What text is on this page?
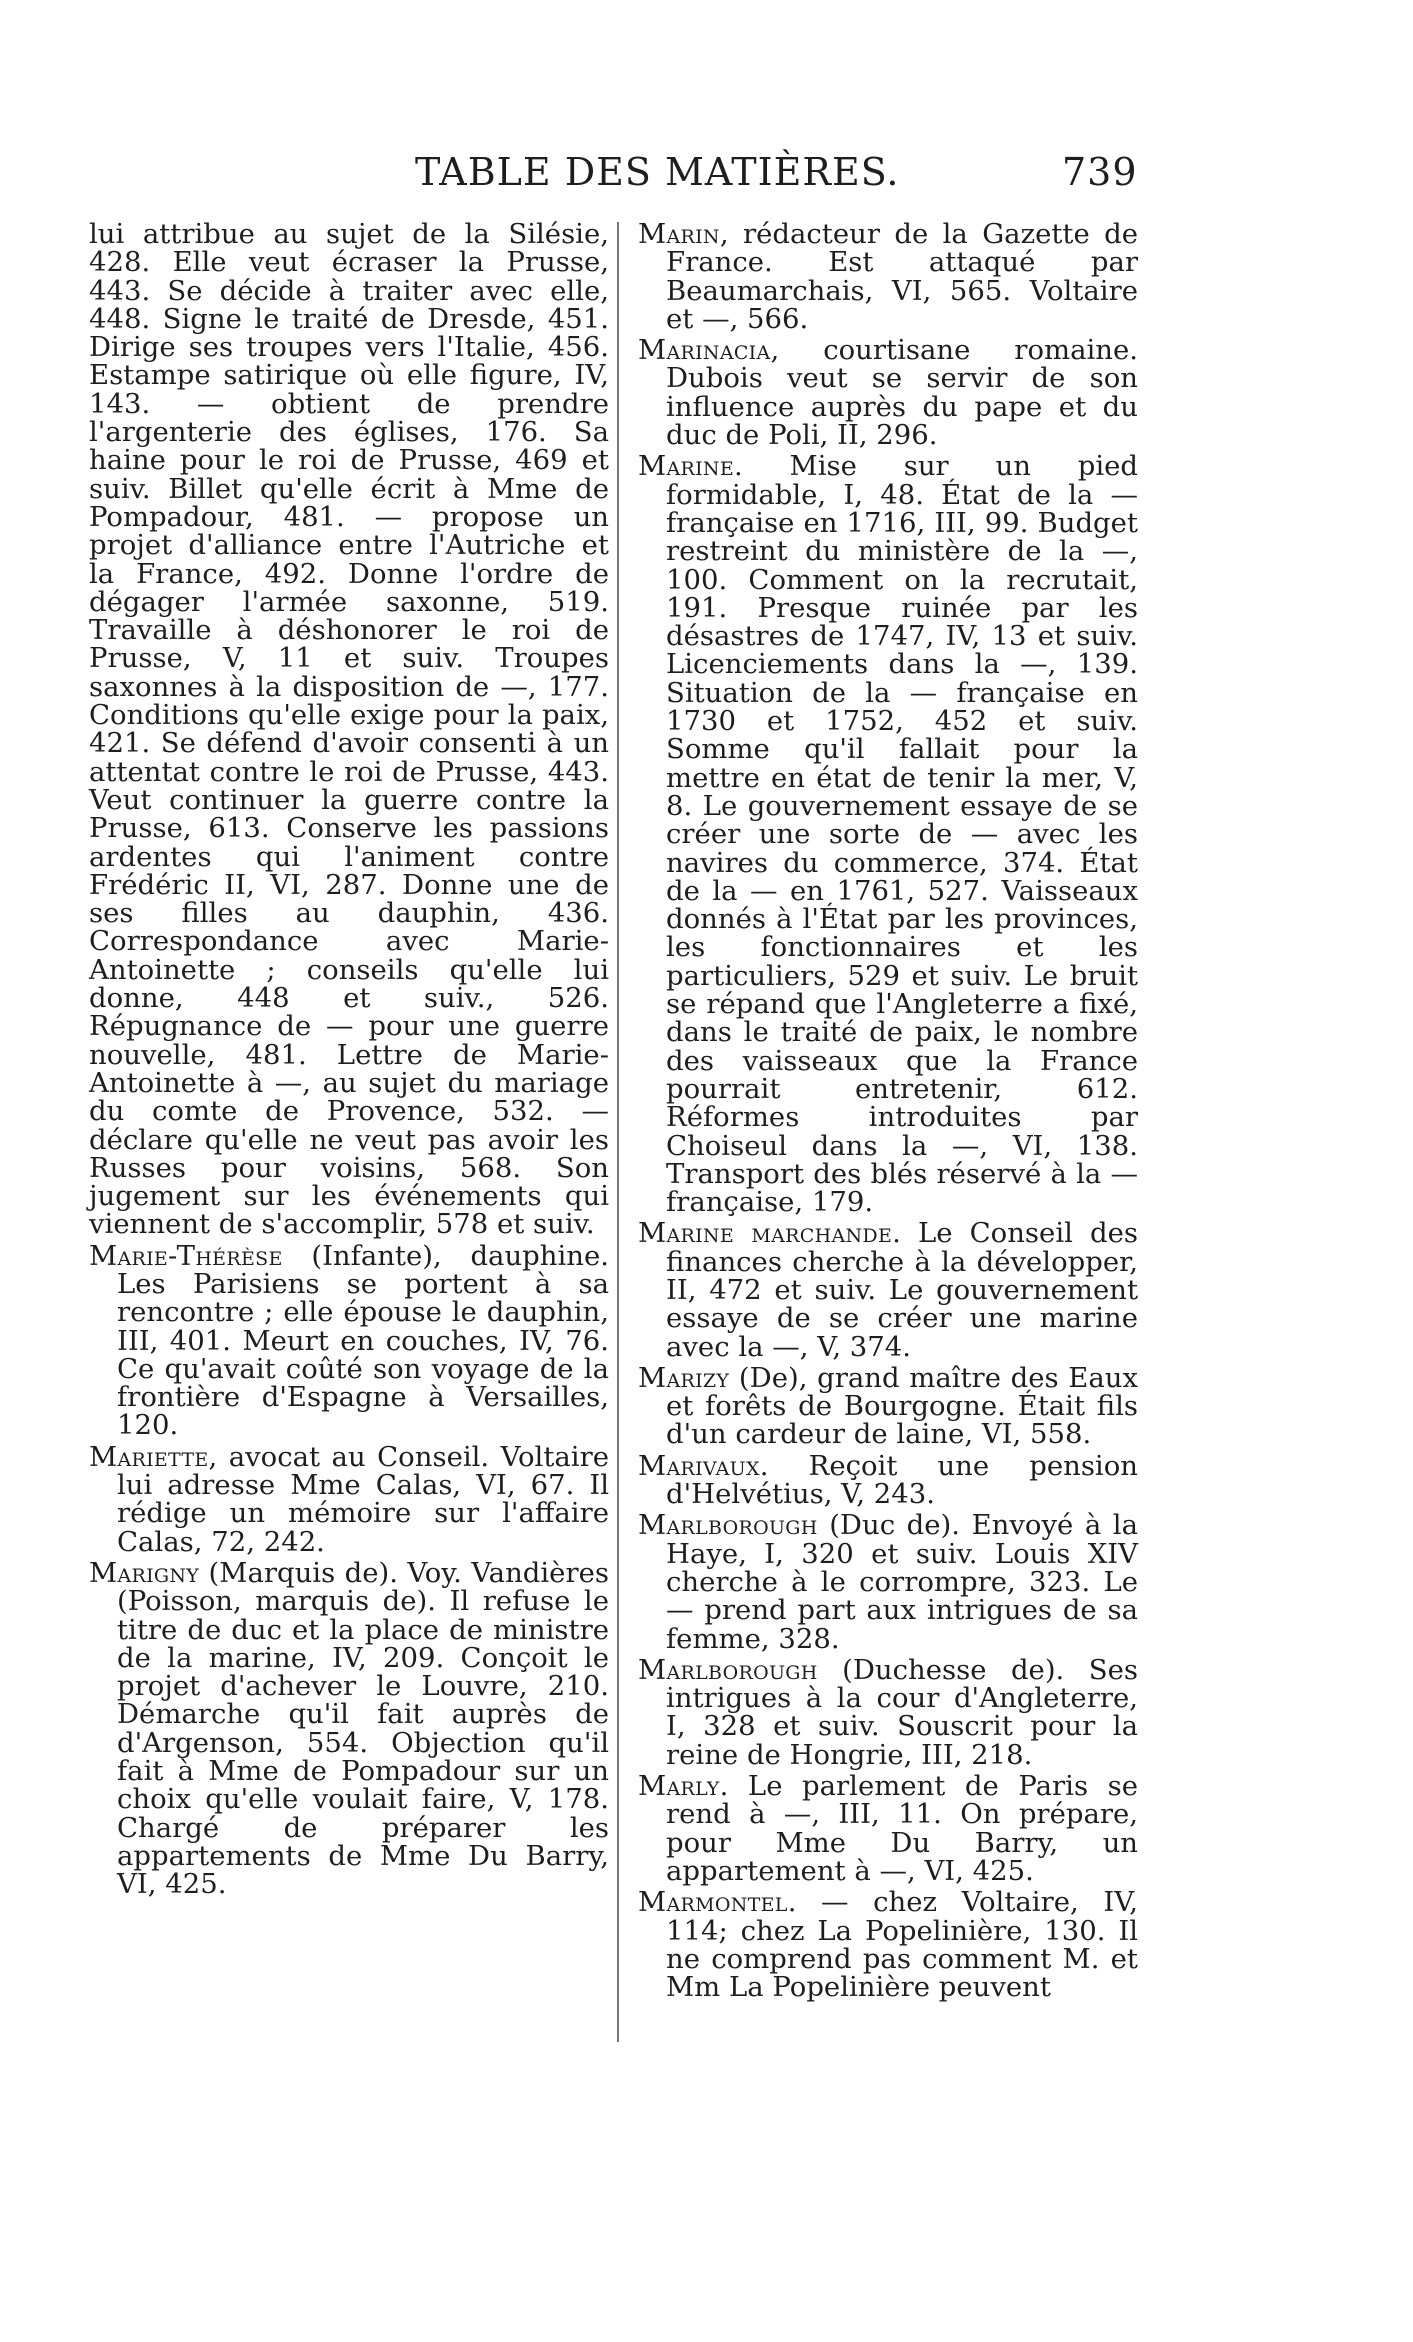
TABLE DES MATIÈRES.	739

lui attribue au sujet de la Silésie, 428. Elle veut écraser la Prusse, 443. Se décide à traiter avec elle, 448. Signe le traité de Dresde, 451. Dirige ses troupes vers l'Italie, 456. Estampe satirique où elle figure, IV, 143. — obtient de prendre l'argenterie des églises, 176. Sa haine pour le roi de Prusse, 469 et suiv. Billet qu'elle écrit à Mme de Pompadour, 481. — propose un projet d'alliance entre l'Autriche et la France, 492. Donne l'ordre de dégager l'armée saxonne, 519. Travaille à déshonorer le roi de Prusse, V, 11 et suiv. Troupes saxonnes à la disposition de —, 177. Conditions qu'elle exige pour la paix, 421. Se défend d'avoir consenti à un attentat contre le roi de Prusse, 443. Veut continuer la guerre contre la Prusse, 613. Conserve les passions ardentes qui l'animent contre Frédéric II, VI, 287. Donne une de ses filles au dauphin, 436. Correspondance avec Marie-Antoinette ; conseils qu'elle lui donne, 448 et suiv., 526. Répugnance de — pour une guerre nouvelle, 481. Lettre de Marie-Antoinette à —, au sujet du mariage du comte de Provence, 532. — déclare qu'elle ne veut pas avoir les Russes pour voisins, 568. Son jugement sur les événements qui viennent de s'accomplir, 578 et suiv.

Marie-Thérèse (Infante), dauphine. Les Parisiens se portent à sa rencontre ; elle épouse le dauphin, III, 401. Meurt en couches, IV, 76. Ce qu'avait coûté son voyage de la frontière d'Espagne à Versailles, 120.

Mariette, avocat au Conseil. Voltaire lui adresse Mme Calas, VI, 67. Il rédige un mémoire sur l'affaire Calas, 72, 242.

Marigny (Marquis de). Voy. Vandières (Poisson, marquis de). Il refuse le titre de duc et la place de ministre de la marine, IV, 209. Conçoit le projet d'achever le Louvre, 210. Démarche qu'il fait auprès de d'Argenson, 554. Objection qu'il fait à Mme de Pompadour sur un choix qu'elle voulait faire, V, 178. Chargé de préparer les appartements de Mme Du Barry, VI, 425.

Marin, rédacteur de la Gazette de France. Est attaqué par Beaumarchais, VI, 565. Voltaire et —, 566.

Marinacia, courtisane romaine. Dubois veut se servir de son influence auprès du pape et du duc de Poli, II, 296.

Marine. Mise sur un pied formidable, I, 48. État de la — française en 1716, III, 99. Budget restreint du ministère de la —, 100. Comment on la recrutait, 191. Presque ruinée par les désastres de 1747, IV, 13 et suiv. Licenciements dans la —, 139. Situation de la — française en 1730 et 1752, 452 et suiv. Somme qu'il fallait pour la mettre en état de tenir la mer, V, 8. Le gouvernement essaye de se créer une sorte de — avec les navires du commerce, 374. État de la — en 1761, 527. Vaisseaux donnés à l'État par les provinces, les fonctionnaires et les particuliers, 529 et suiv. Le bruit se répand que l'Angleterre a fixé, dans le traité de paix, le nombre des vaisseaux que la France pourrait entretenir, 612. Réformes introduites par Choiseul dans la —, VI, 138. Transport des blés réservé à la — française, 179.

Marine marchande. Le Conseil des finances cherche à la développer, II, 472 et suiv. Le gouvernement essaye de se créer une marine avec la —, V, 374.

Marizy (De), grand maître des Eaux et forêts de Bourgogne. Était fils d'un cardeur de laine, VI, 558.

Marivaux. Reçoit une pension d'Helvétius, V, 243.

Marlborough (Duc de). Envoyé à la Haye, I, 320 et suiv. Louis XIV cherche à le corrompre, 323. Le — prend part aux intrigues de sa femme, 328.

Marlborough (Duchesse de). Ses intrigues à la cour d'Angleterre, I, 328 et suiv. Souscrit pour la reine de Hongrie, III, 218.

Marly. Le parlement de Paris se rend à —, III, 11. On prépare, pour Mme Du Barry, un appartement à —, VI, 425.

Marmontel. — chez Voltaire, IV, 114; chez La Popelinière, 130. Il ne comprend pas comment M. et Mm La Popelinière peuvent
